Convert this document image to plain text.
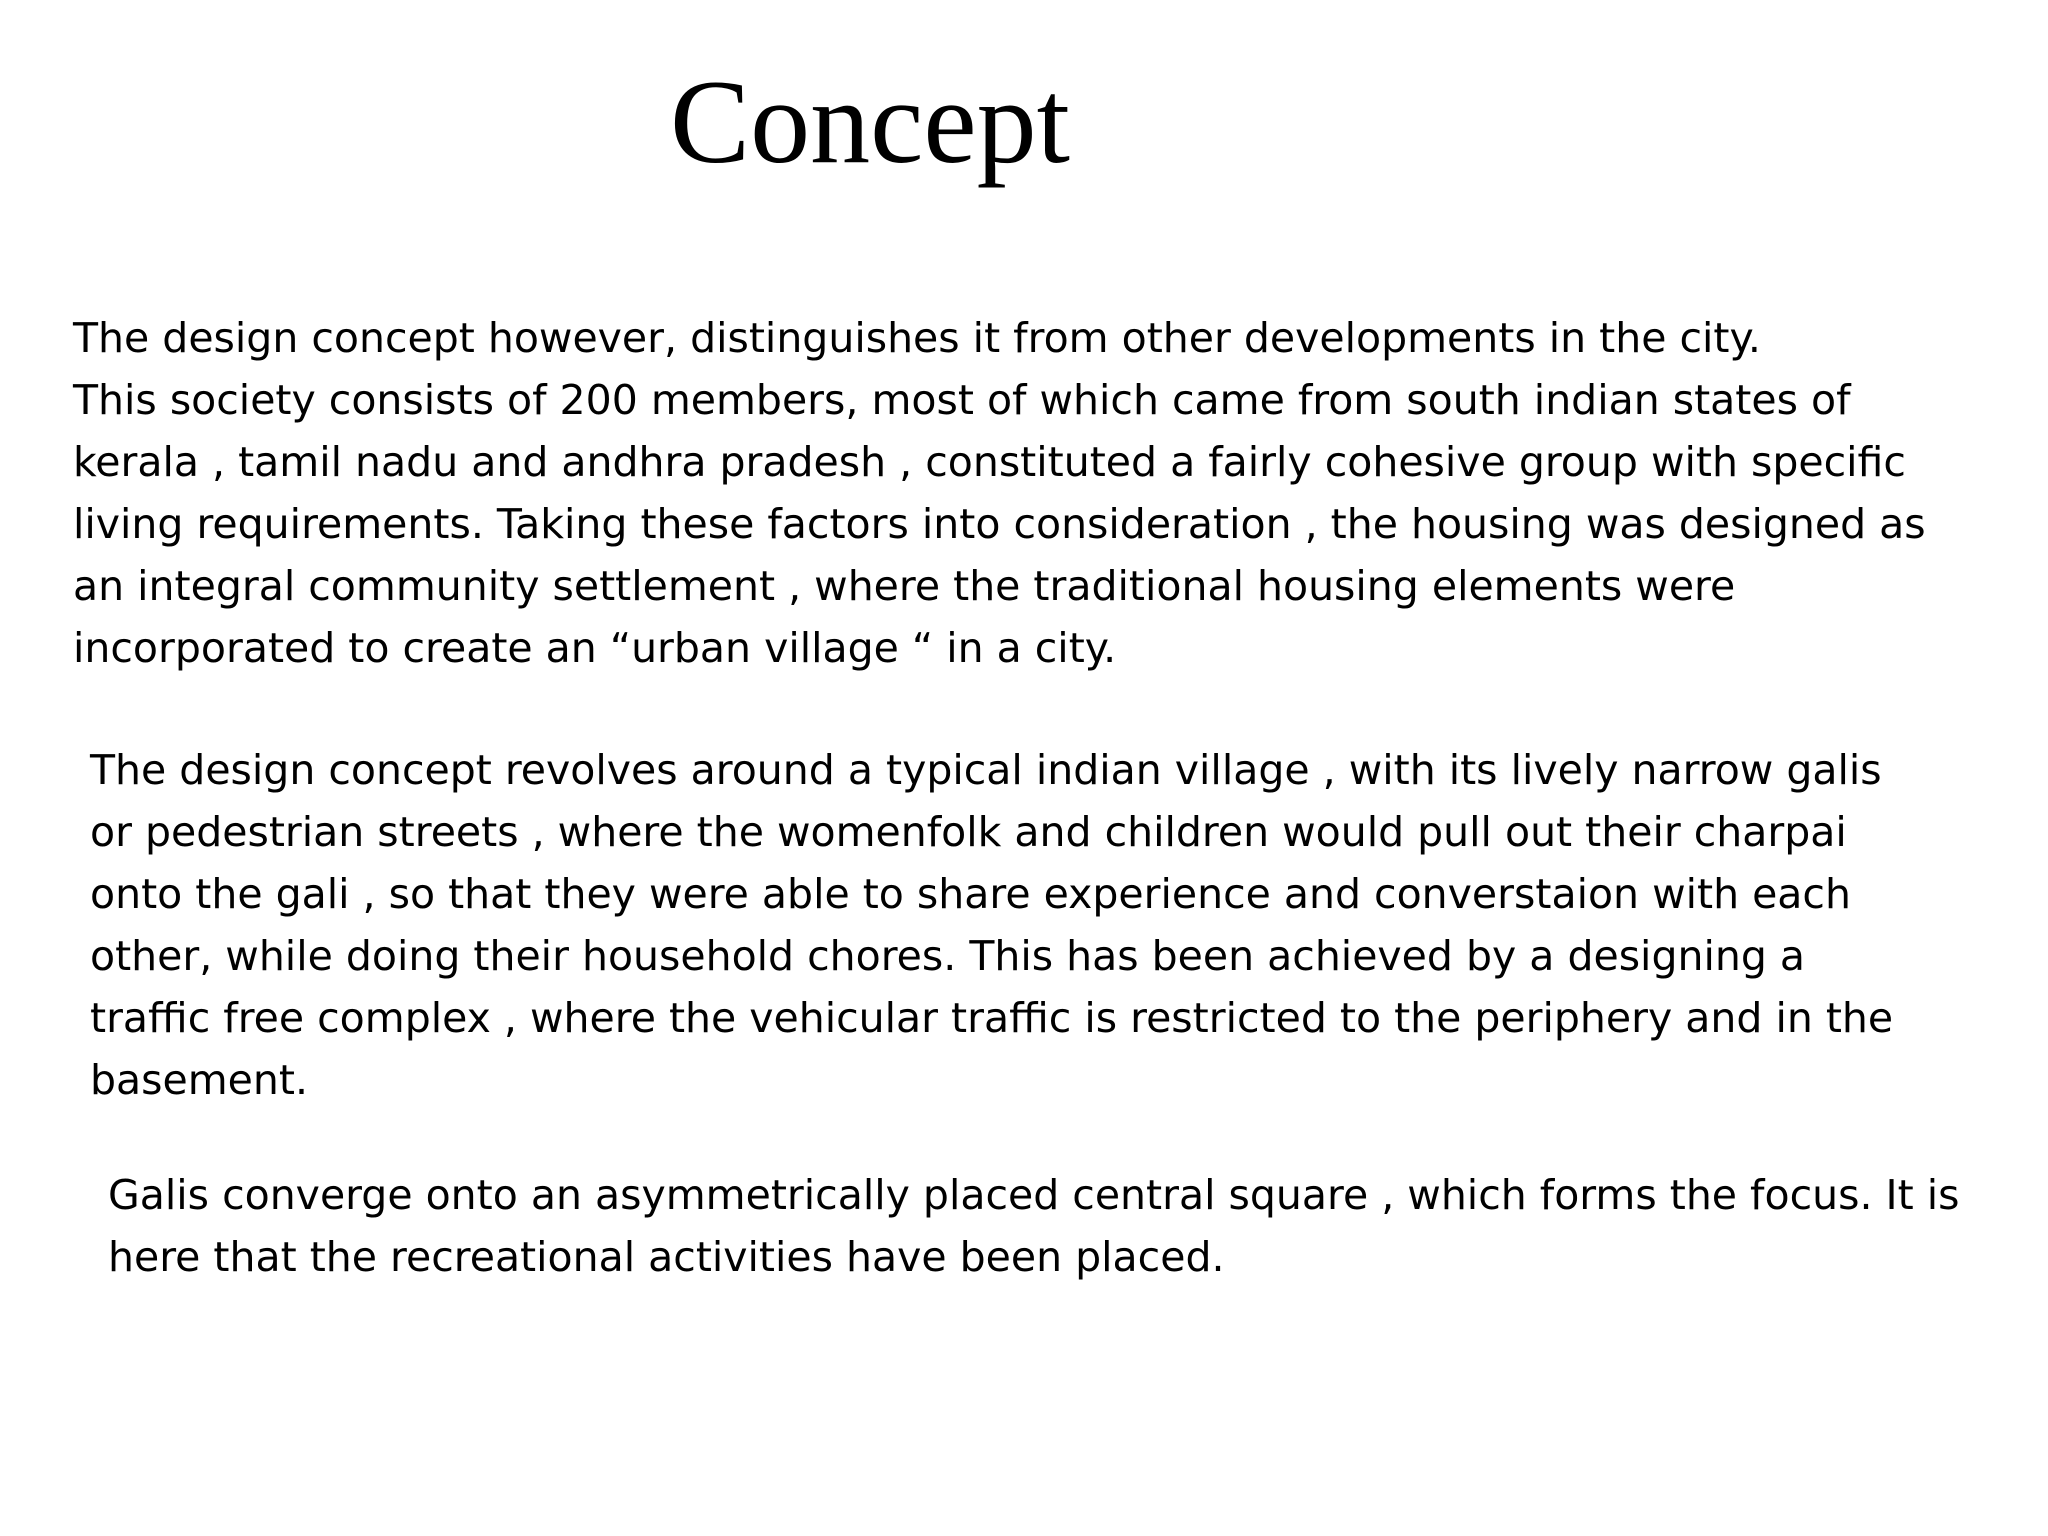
Concept

The design concept however, distinguishes it from other developments in the city.
This society consists of 200 members, most of which came from south indian states of
kerala , tamil nadu and andhra pradesh , constituted a fairly cohesive group with specific
living requirements. Taking these factors into consideration , the housing was designed as
an integral community settlement , where the traditional housing elements were
incorporated to create an “urban village “ in a city.

The design concept revolves around a typical indian village , with its lively narrow galis
or pedestrian streets , where the womenfolk and children would pull out their charpai
onto the gali , so that they were able to share experience and converstaion with each
other, while doing their household chores. This has been achieved by a designing a
traffic free complex , where the vehicular traffic is restricted to the periphery and in the
basement.

Galis converge onto an asymmetrically placed central square , which forms the focus. It is
here that the recreational activities have been placed.
